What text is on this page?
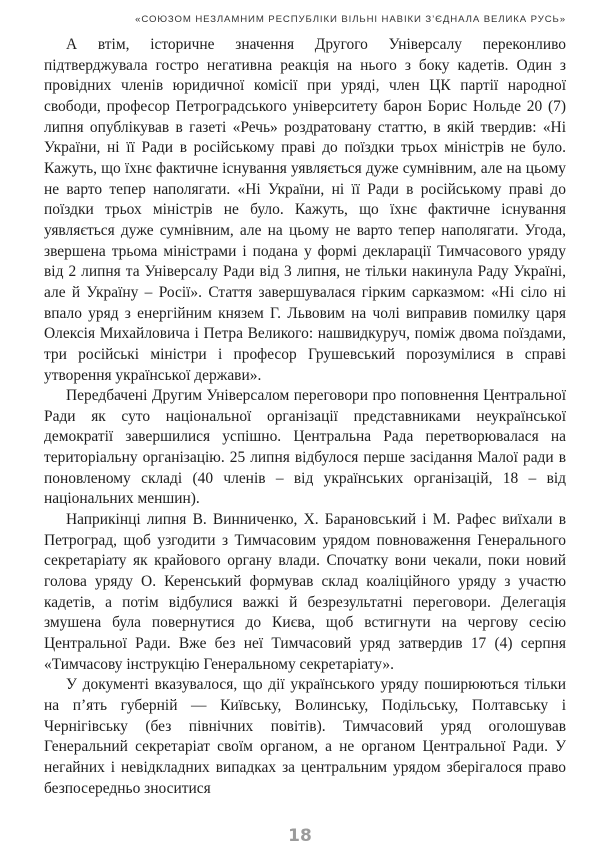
«СОЮЗОМ НЕЗЛАМНИМ РЕСПУБЛІКИ ВІЛЬНІ НАВІКИ З’ЄДНАЛА ВЕЛИКА РУСЬ»

А втім, історичне значення Другого Універсалу переконливо підтверджувала гостро негативна реакція на нього з боку кадетів. Один з провідних членів юридичної комісії при уряді, член ЦК партії народної свободи, професор Петроградського університету барон Борис Нольде 20 (7) липня опублікував в газеті «Речь» роздратовану статтю, в якій твердив: «Ні України, ні її Ради в російському праві до поїздки трьох міністрів не було. Кажуть, що їхнє фактичне існування уявляється дуже сумнівним, але на цьому не варто тепер наполягати. «Ні України, ні її Ради в російському праві до поїздки трьох міністрів не було. Кажуть, що їхнє фактичне існування уявляється дуже сумнівним, але на цьому не варто тепер наполягати. Угода, звершена трьома міністрами і подана у формі декларації Тимчасового уряду від 2 липня та Універсалу Ради від 3 липня, не тільки накинула Раду Україні, але й Україну – Росії». Стаття завершувалася гірким сарказмом: «Ні сіло ні впало уряд з енергійним князем Г. Львовим на чолі виправив помилку царя Олексія Михайловича і Петра Великого: нашвидкуруч, поміж двома поїздами, три російські міністри і професор Грушевський порозумілися в справі утворення української держави».

Передбачені Другим Універсалом переговори про поповнення Центральної Ради як суто національної організації представниками неукраїнської демократії завершилися успішно. Центральна Рада перетворювалася на територіальну організацію. 25 липня відбулося перше засідання Малої ради в поновленому складі (40 членів – від українських організацій, 18 – від національних меншин).

Наприкінці липня В. Винниченко, Х. Барановський і М. Рафес виїхали в Петроград, щоб узгодити з Тимчасовим урядом повноваження Генерального секретаріату як крайового органу влади. Спочатку вони чекали, поки новий голова уряду О. Керенський формував склад коаліційного уряду з участю кадетів, а потім відбулися важкі й безрезультатні переговори. Делегація змушена була повернутися до Києва, щоб встигнути на чергову сесію Центральної Ради. Вже без неї Тимчасовий уряд затвердив 17 (4) серпня «Тимчасову інструкцію Генеральному секретаріату».

У документі вказувалося, що дії українського уряду поширюються тільки на п’ять губерній — Київську, Волинську, Подільську, Полтавську і Чернігівську (без північних повітів). Тимчасовий уряд оголошував Генеральний секретаріат своїм органом, а не органом Центральної Ради. У негайних і невідкладних випадках за центральним урядом зберігалося право безпосередньо зноситися

18
